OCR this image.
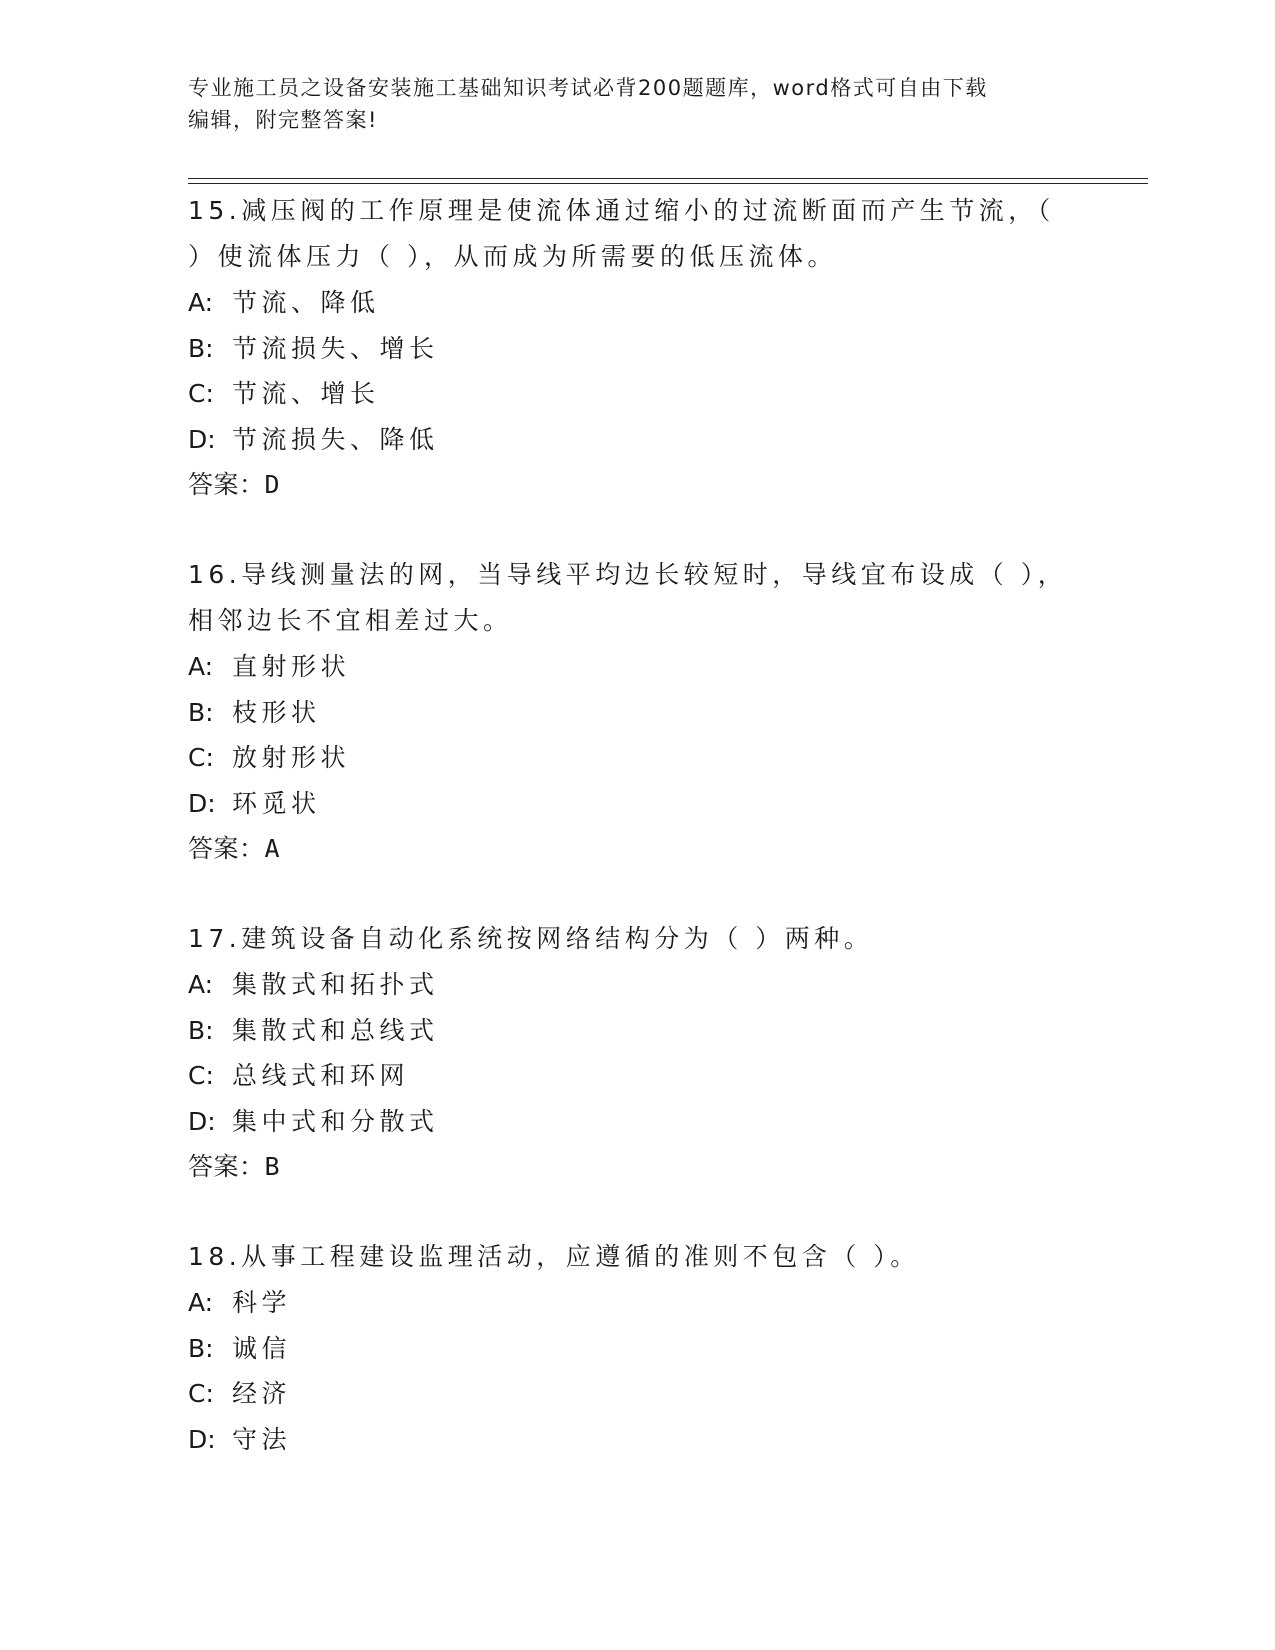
专业施工员之设备安装施工基础知识考试必背200题题库，word格式可自由下载
编辑，附完整答案!
15.减压阀的工作原理是使流体通过缩小的过流断面而产生节流，（
）使流体压力（ ），从而成为所需要的低压流体。
A: 节流、降低
B: 节流损失、增长
C: 节流、增长
D: 节流损失、降低
答案：D
16.导线测量法的网，当导线平均边长较短时，导线宜布设成（ ），
相邻边长不宜相差过大。
A: 直射形状
B: 枝形状
C: 放射形状
D: 环觅状
答案：A
17.建筑设备自动化系统按网络结构分为（ ）两种。
A: 集散式和拓扑式
B: 集散式和总线式
C: 总线式和环网
D: 集中式和分散式
答案：B
18.从事工程建设监理活动，应遵循的准则不包含（ ）。
A: 科学
B: 诚信
C: 经济
D: 守法
